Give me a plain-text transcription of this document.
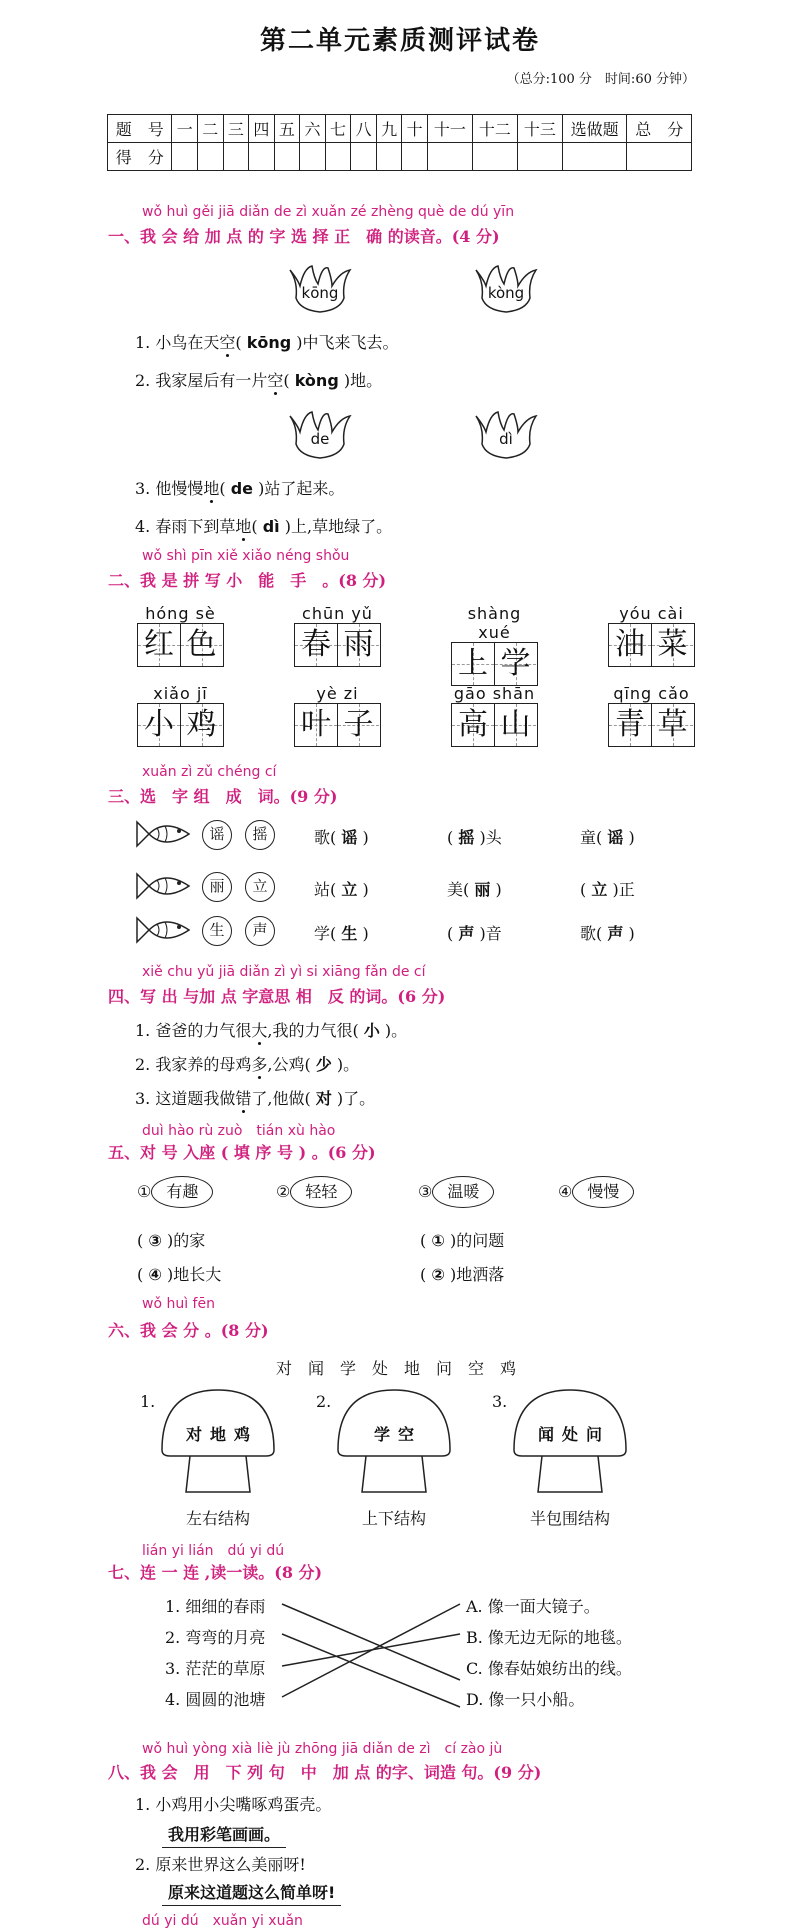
第二单元素质测评试卷
（总分:100 分　时间:60 分钟）
题　号	一	二	三	四	五	六	七	八	九	十	十一	十二	十三	选做题	总　分
得　分															
wǒ huì gěi jiā diǎn de zì xuǎn zé zhèng què de dú yīn
一、我 会 给 加 点 的 字 选 择 正　确 的读音。(4 分)
kōng	kòng
1. 小鸟在天空( kōng )中飞来飞去。
2. 我家屋后有一片空( kòng )地。
de	dì
3. 他慢慢地( de )站了起来。
4. 春雨下到草地( dì )上,草地绿了。
wǒ shì pīn xiě xiǎo néng shǒu
二、我 是 拼 写 小　能　手　。(8 分)
hóng sè
红 色
chūn yǔ
春 雨
shàng xué
上 学
yóu cài
油 菜
xiǎo jī
小 鸡
yè zi
叶 子
gāo shān
高 山
qīng cǎo
青 草
xuǎn zì zǔ chéng cí
三、选　字 组　成　词。(9 分)
谣	摇	歌( 谣 )	( 摇 )头	童( 谣 )
丽	立	站( 立 )	美( 丽 )	( 立 )正
生	声	学( 生 )	( 声 )音	歌( 声 )
xiě chu yǔ jiā diǎn zì yì si xiāng fǎn de cí
四、写 出 与加 点 字意思 相　反 的词。(6 分)
1. 爸爸的力气很大,我的力气很( 小 )。
2. 我家养的母鸡多,公鸡( 少 )。
3. 这道题我做错了,他做( 对 )了。
duì hào rù zuò　tián xù hào
五、对 号 入座 ( 填 序 号 ) 。(6 分)
① 有趣	② 轻轻	③ 温暖	④ 慢慢
( ③ )的家	( ① )的问题
( ④ )地长大	( ② )地洒落
wǒ huì fēn
六、我 会 分 。(8 分)
对　闻　学　处　地　问　空　鸡
1.
对地鸡
左右结构
2.
学空
上下结构
3.
闻处问
半包围结构
lián yi lián　dú yi dú
七、连 一 连 ,读一读。(8 分)
1. 细细的春雨
2. 弯弯的月亮
3. 茫茫的草原
4. 圆圆的池塘
A. 像一面大镜子。
B. 像无边无际的地毯。
C. 像春姑娘纺出的线。
D. 像一只小船。
wǒ huì yòng xià liè jù zhōng jiā diǎn de zì　cí zào jù
八、我 会　用　下 列 句　中　加 点 的字、词造 句。(9 分)
1. 小鸡用小尖嘴啄鸡蛋壳。
我用彩笔画画。
2. 原来世界这么美丽呀!
原来这道题这么简单呀!
dú yi dú　xuǎn yi xuǎn
